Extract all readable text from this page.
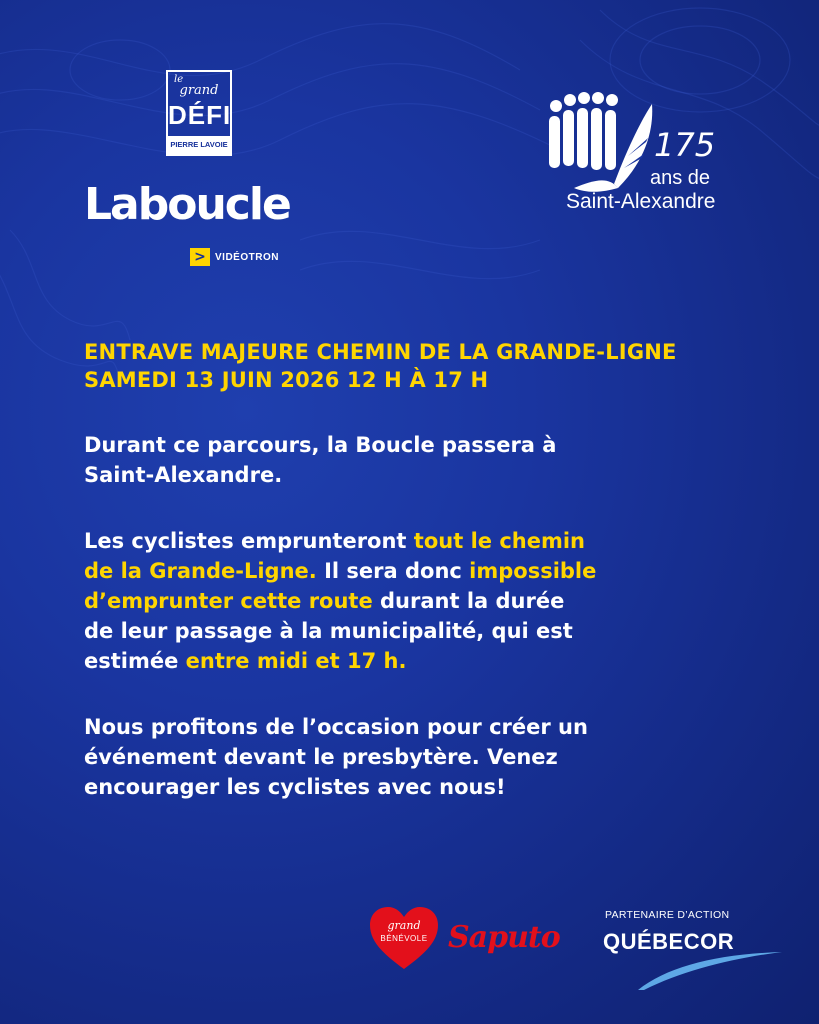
le
grand
DÉFI
PIERRE LAVOIE
Laboucle
> VIDÉOTRON
175
ans de
Saint-Alexandre
ENTRAVE MAJEURE CHEMIN DE LA GRANDE-LIGNE
SAMEDI 13 JUIN 2026 12 H À 17 H
Durant ce parcours, la Boucle passera à
Saint-Alexandre.
Les cyclistes emprunteront tout le chemin
de la Grande-Ligne. Il sera donc impossible
d’emprunter cette route durant la durée
de leur passage à la municipalité, qui est
estimée entre midi et 17 h.
Nous profitons de l’occasion pour créer un
événement devant le presbytère. Venez
encourager les cyclistes avec nous!
grand
BÉNÉVOLE Saputo
PARTENAIRE D’ACTION
QUÉBECOR
